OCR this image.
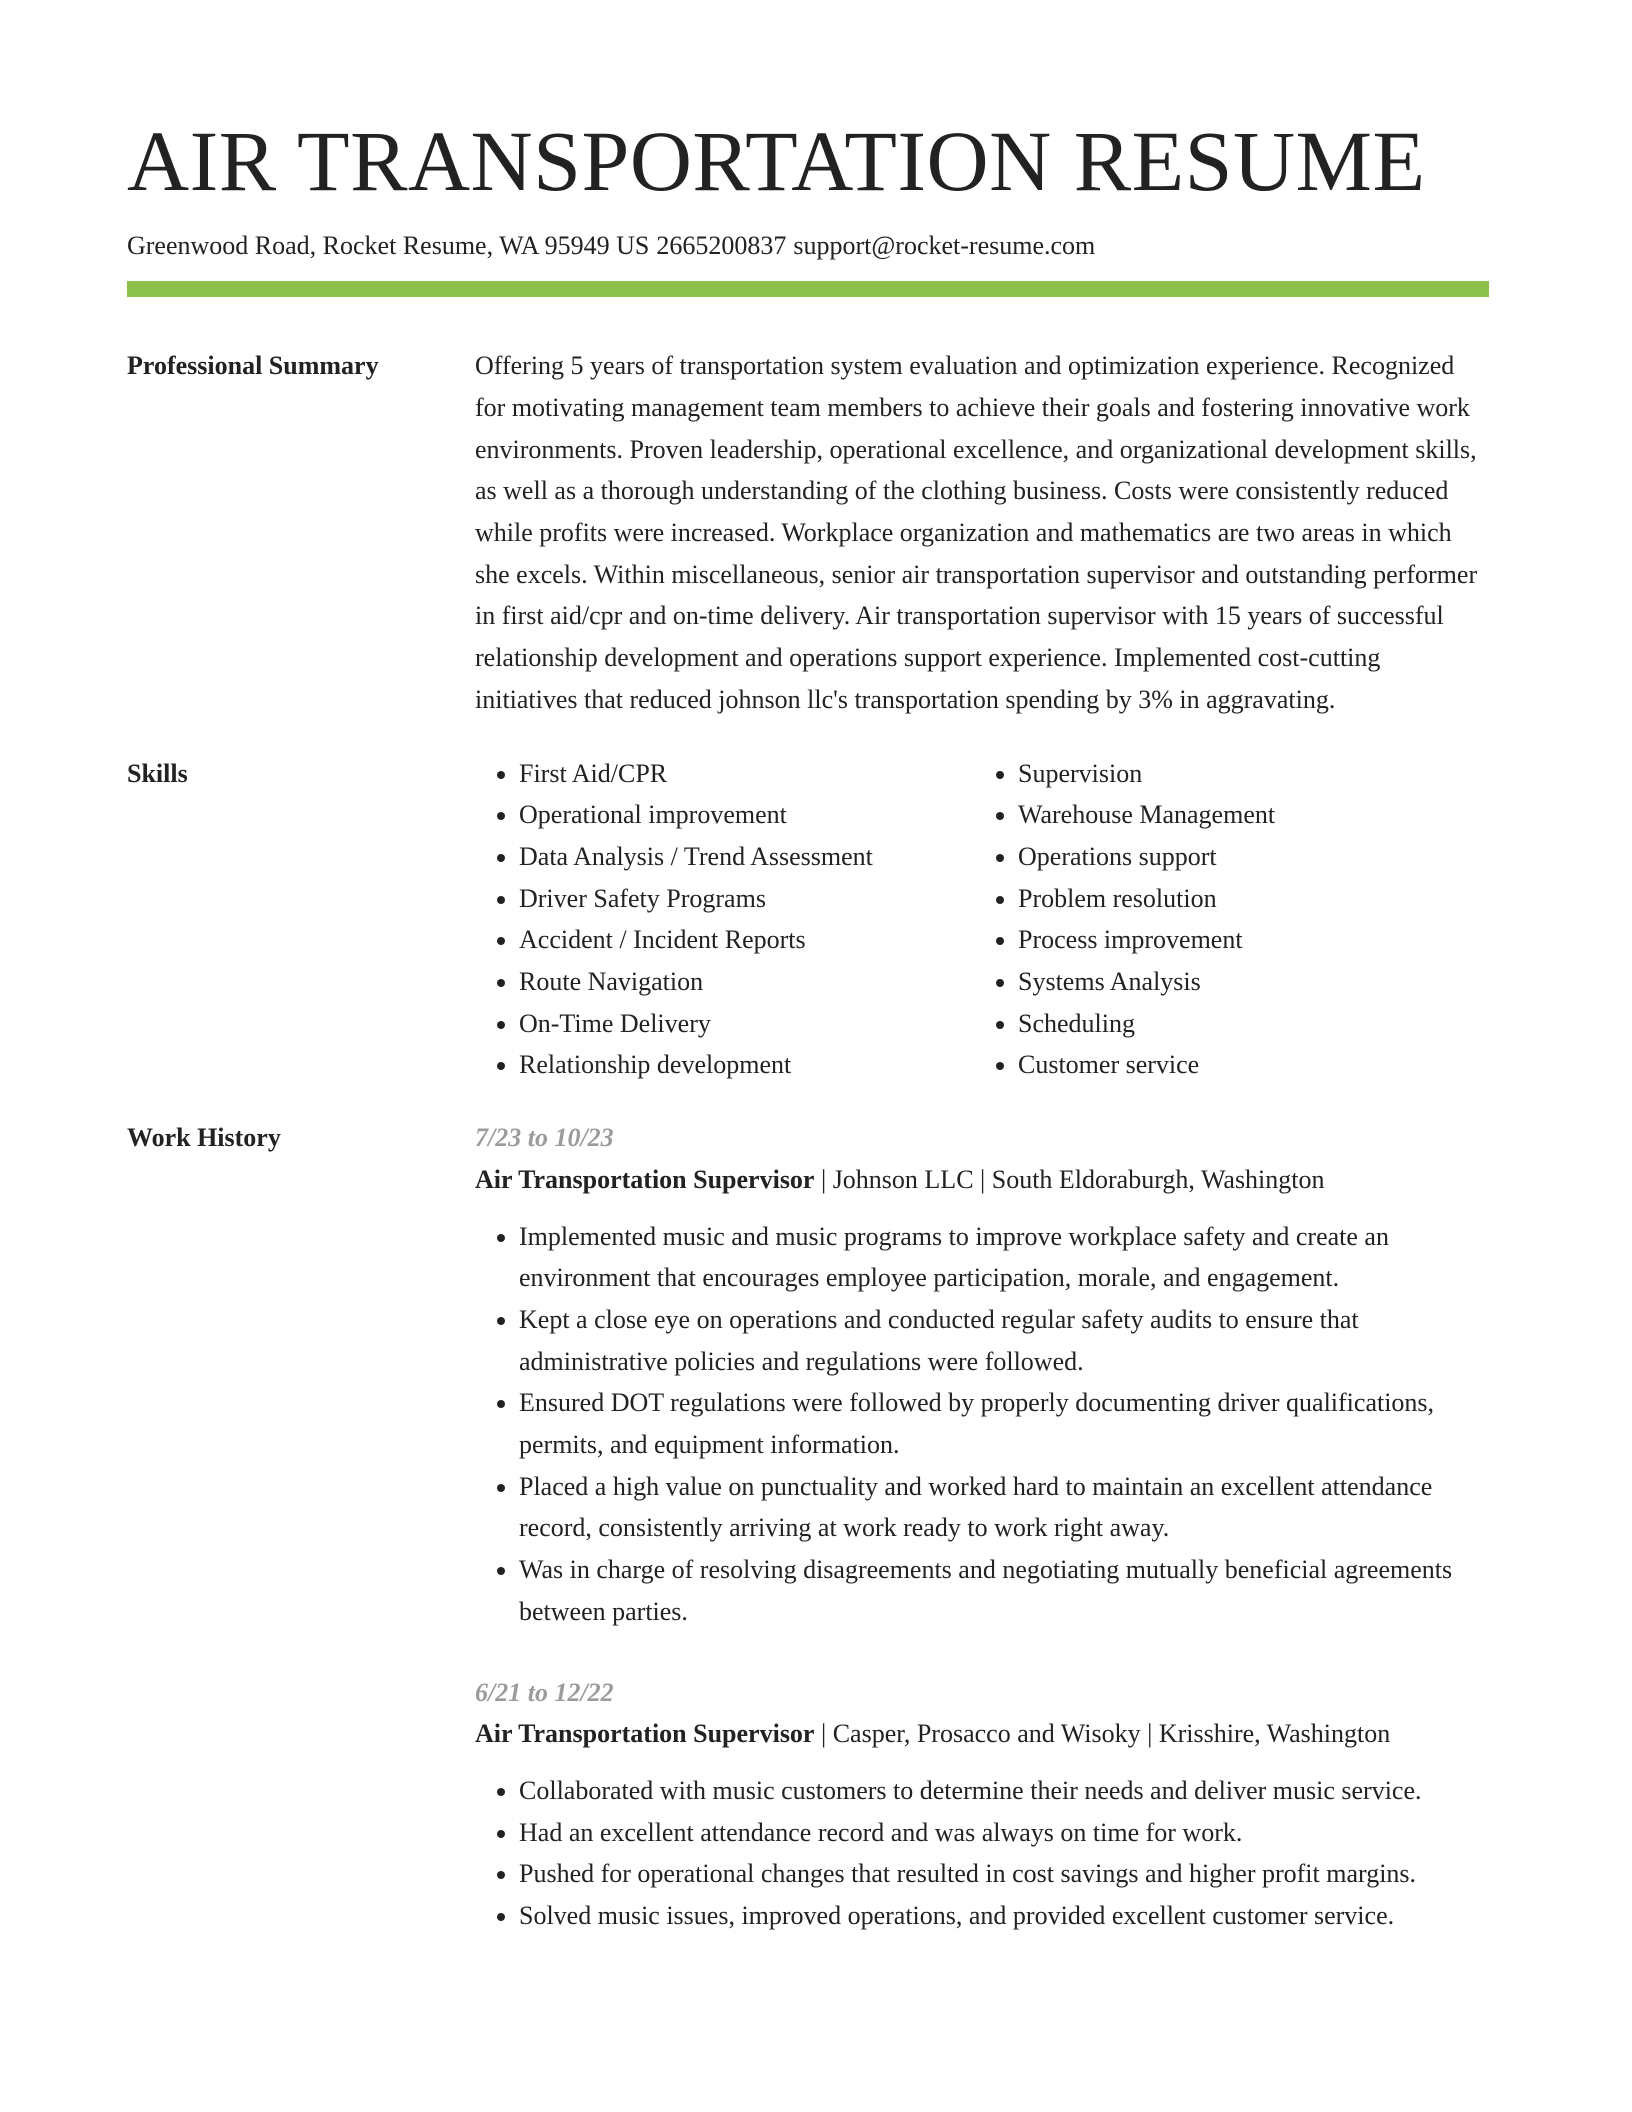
AIR TRANSPORTATION RESUME
Greenwood Road, Rocket Resume, WA 95949 US 2665200837 support@rocket-resume.com
Professional Summary	Offering 5 years of transportation system evaluation and optimization experience. Recognized for motivating management team members to achieve their goals and fostering innovative work environments. Proven leadership, operational excellence, and organizational development skills, as well as a thorough understanding of the clothing business. Costs were consistently reduced while profits were increased. Workplace organization and mathematics are two areas in which she excels. Within miscellaneous, senior air transportation supervisor and outstanding performer in first aid/cpr and on-time delivery. Air transportation supervisor with 15 years of successful relationship development and operations support experience. Implemented cost-cutting initiatives that reduced johnson llc's transportation spending by 3% in aggravating.

Skills
•	First Aid/CPR
• Operational improvement
• Data Analysis / Trend Assessment
• Driver Safety Programs
• Accident / Incident Reports
• Route Navigation
• On-Time Delivery
• Relationship development
• Supervision
• Warehouse Management
• Operations support
• Problem resolution
• Process improvement
• Systems Analysis
• Scheduling
• Customer service
Work History	7/23 to 10/23
Air Transportation Supervisor | Johnson LLC | South Eldoraburgh, Washington
• Implemented music and music programs to improve workplace safety and create an environment that encourages employee participation, morale, and engagement.
• Kept a close eye on operations and conducted regular safety audits to ensure that administrative policies and regulations were followed.
• Ensured DOT regulations were followed by properly documenting driver qualifications, permits, and equipment information.
• Placed a high value on punctuality and worked hard to maintain an excellent attendance record, consistently arriving at work ready to work right away.
• Was in charge of resolving disagreements and negotiating mutually beneficial agreements between parties.
6/21 to 12/22
Air Transportation Supervisor | Casper, Prosacco and Wisoky | Krisshire, Washington
• Collaborated with music customers to determine their needs and deliver music service.
• Had an excellent attendance record and was always on time for work.
• Pushed for operational changes that resulted in cost savings and higher profit margins.
• Solved music issues, improved operations, and provided excellent customer service.
